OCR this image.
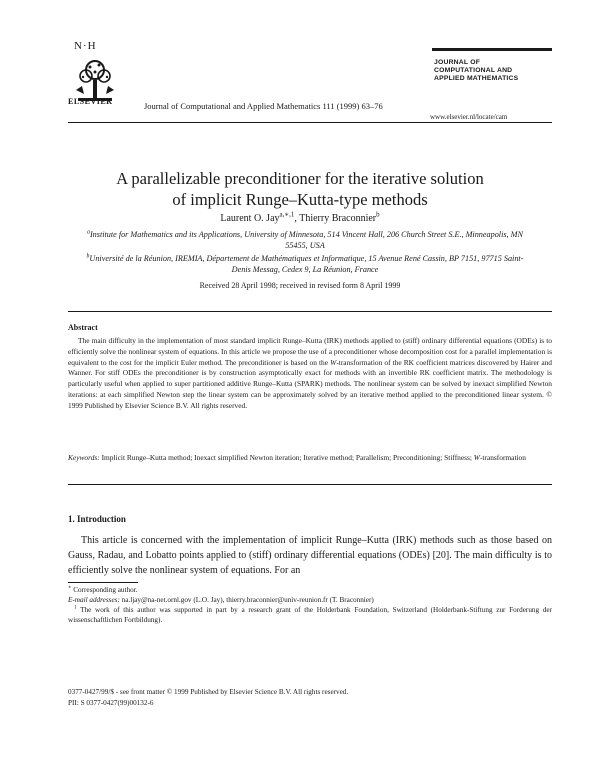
N·H
ELSEVIER	Journal of Computational and Applied Mathematics 111 (1999) 63–76
JOURNAL OF
COMPUTATIONAL AND
APPLIED MATHEMATICS
www.elsevier.nl/locate/cam
A parallelizable preconditioner for the iterative solution
of implicit Runge–Kutta-type methods
Laurent O. Jay$^{a,∗,1}$, Thierry Braconnier$^b$
$^a$Institute for Mathematics and its Applications, University of Minnesota, 514 Vincent Hall, 206 Church Street S.E., Minneapolis, MN 55455, USA
$^b$Université de la Réunion, IREMIA, Département de Mathématiques et Informatique, 15 Avenue René Cassin, BP 7151, 97715 Saint-Denis Messag, Cedex 9, La Réunion, France
Received 28 April 1998; received in revised form 8 April 1999
Abstract
The main difficulty in the implementation of most standard implicit Runge–Kutta (IRK) methods applied to (stiff) ordinary differential equations (ODEs) is to efficiently solve the nonlinear system of equations. In this article we propose the use of a preconditioner whose decomposition cost for a parallel implementation is equivalent to the cost for the implicit Euler method. The preconditioner is based on the W-transformation of the RK coefficient matrices discovered by Hairer and Wanner. For stiff ODEs the preconditioner is by construction asymptotically exact for methods with an invertible RK coefficient matrix. The methodology is particularly useful when applied to super partitioned additive Runge–Kutta (SPARK) methods. The nonlinear system can be solved by inexact simplified Newton iterations: at each simplified Newton step the linear system can be approximately solved by an iterative method applied to the preconditioned linear system. © 1999 Published by Elsevier Science B.V. All rights reserved.
Keywords: Implicit Runge–Kutta method; Inexact simplified Newton iteration; Iterative method; Parallelism; Preconditioning; Stiffness; W-transformation
1. Introduction
This article is concerned with the implementation of implicit Runge–Kutta (IRK) methods such as those based on Gauss, Radau, and Lobatto points applied to (stiff) ordinary differential equations (ODEs) [20]. The main difficulty is to efficiently solve the nonlinear system of equations. For an
∗ Corresponding author.
E-mail addresses: na.ljay@na-net.ornl.gov (L.O. Jay), thierry.braconnier@univ-reunion.fr (T. Braconnier)
$^1$ The work of this author was supported in part by a research grant of the Holderbank Foundation, Switzerland (Holderbank-Stiftung zur Forderung der wissenschaftlichen Fortbildung).
0377-0427/99/$ - see front matter © 1999 Published by Elsevier Science B.V. All rights reserved.
PII: S 0377-0427(99)00132-6
